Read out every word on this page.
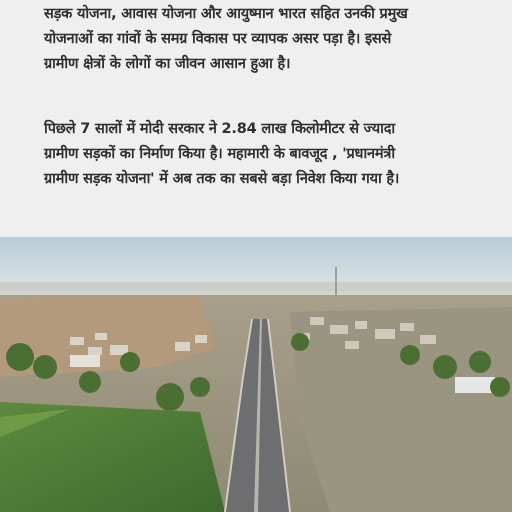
सड़क योजना, आवास योजना और आयुष्मान भारत सहित उनकी प्रमुख
योजनाओं का गांवों के समग्र विकास पर व्यापक असर पड़ा है। इससे
ग्रामीण क्षेत्रों के लोगों का जीवन आसान हुआ है।

पिछले 7 सालों में मोदी सरकार ने 2.84 लाख किलोमीटर से ज्यादा
ग्रामीण सड़कों का निर्माण किया है। महामारी के बावजूद , 'प्रधानमंत्री
ग्रामीण सड़क योजना' में अब तक का सबसे बड़ा निवेश किया गया है।
